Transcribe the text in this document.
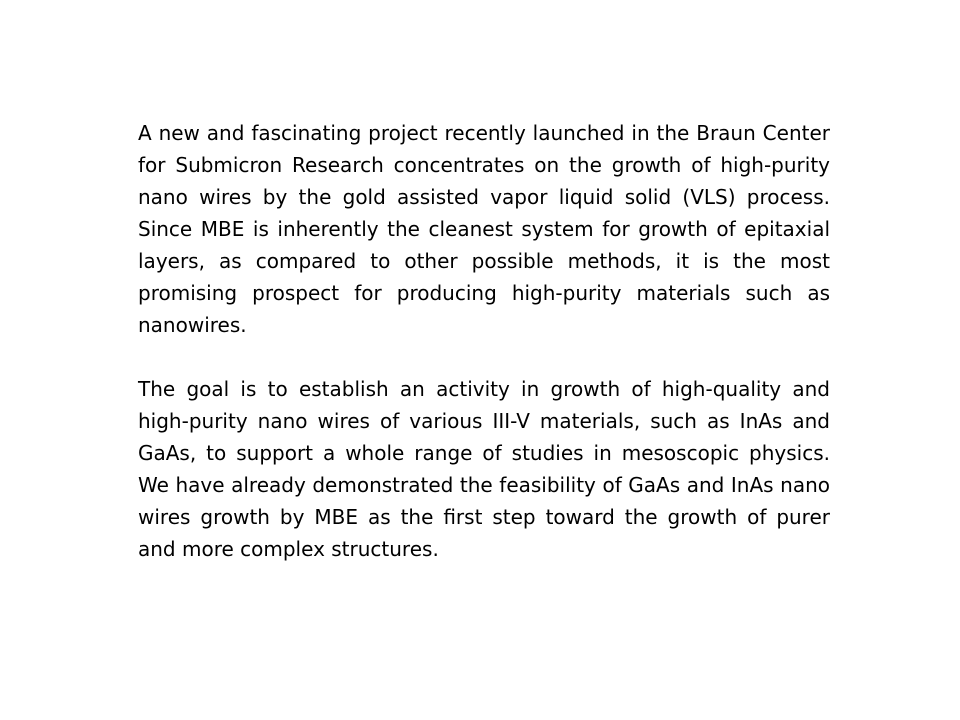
A new and fascinating project recently launched in the Braun Center for Submicron Research concentrates on the growth of high-purity nano wires by the gold assisted vapor liquid solid (VLS) process. Since MBE is inherently the cleanest system for growth of epitaxial layers, as compared to other possible methods, it is the most promising prospect for producing high-purity materials such as nanowires.

The goal is to establish an activity in growth of high-quality and high-purity nano wires of various III-V materials, such as InAs and GaAs, to support a whole range of studies in mesoscopic physics. We have already demonstrated the feasibility of GaAs and InAs nano wires growth by MBE as the first step toward the growth of purer and more complex structures.
